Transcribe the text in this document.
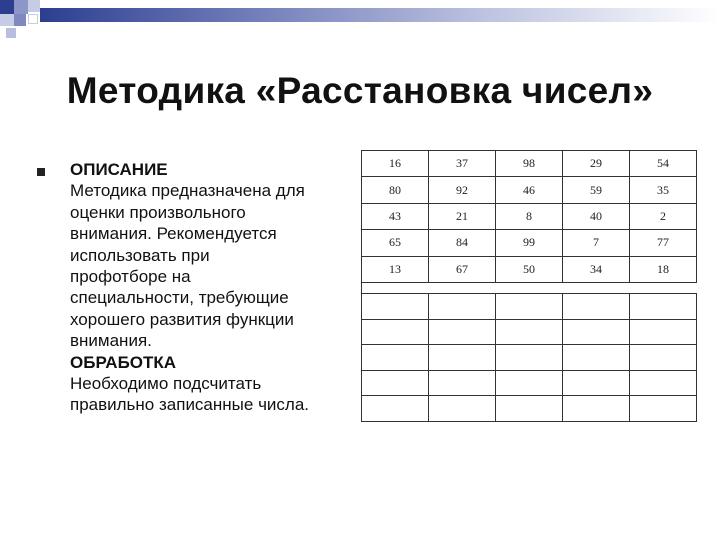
Методика «Расстановка чисел»
ОПИСАНИЕ
Методика предназначена для
оценки произвольного
внимания. Рекомендуется
использовать при
профотборе на
специальности, требующие
хорошего развития функции
внимания.
ОБРАБОТКА
Необходимо подсчитать
правильно записанные числа.
16	37	98	29	54
80	92	46	59	35
43	21	8	40	2
65	84	99	7	77
13	67	50	34	18
